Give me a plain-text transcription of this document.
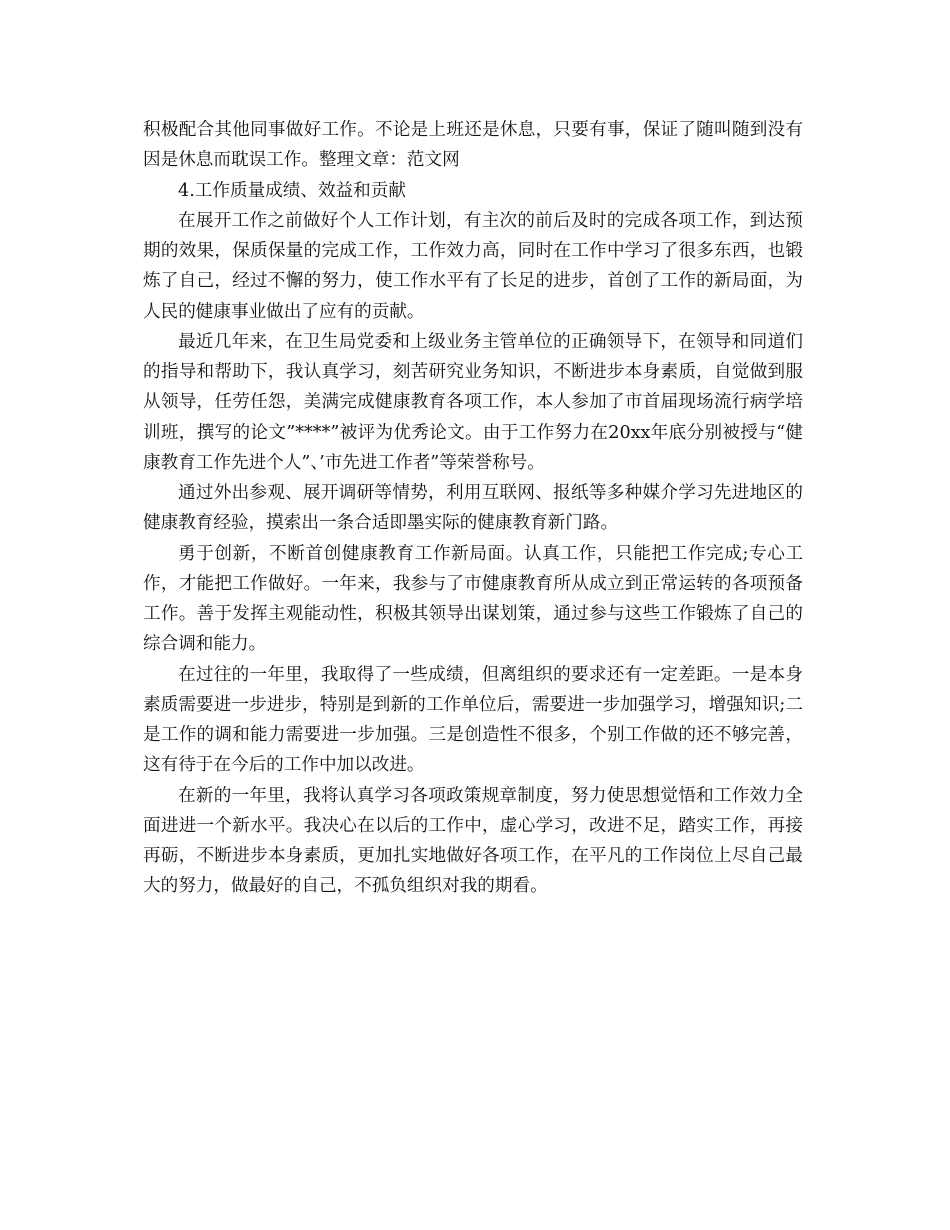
积极配合其他同事做好工作。不论是上班还是休息，只要有事，保证了随叫随到没有因是休息而耽误工作。整理文章：范文网

4.工作质量成绩、效益和贡献

在展开工作之前做好个人工作计划，有主次的前后及时的完成各项工作，到达预期的效果，保质保量的完成工作，工作效力高，同时在工作中学习了很多东西，也锻炼了自己，经过不懈的努力，使工作水平有了长足的进步，首创了工作的新局面，为人民的健康事业做出了应有的贡献。

最近几年来，在卫生局党委和上级业务主管单位的正确领导下，在领导和同道们的指导和帮助下，我认真学习，刻苦研究业务知识，不断进步本身素质，自觉做到服从领导，任劳任怨，美满完成健康教育各项工作，本人参加了市首届现场流行病学培训班，撰写的论文”****”被评为优秀论文。由于工作努力在20xx年底分别被授与“健康教育工作先进个人”、’市先进工作者”等荣誉称号。

通过外出参观、展开调研等情势，利用互联网、报纸等多种媒介学习先进地区的健康教育经验，摸索出一条合适即墨实际的健康教育新门路。

勇于创新，不断首创健康教育工作新局面。认真工作，只能把工作完成;专心工作，才能把工作做好。一年来，我参与了市健康教育所从成立到正常运转的各项预备工作。善于发挥主观能动性，积极其领导出谋划策，通过参与这些工作锻炼了自己的综合调和能力。

在过往的一年里，我取得了一些成绩，但离组织的要求还有一定差距。一是本身素质需要进一步进步，特别是到新的工作单位后，需要进一步加强学习，增强知识;二是工作的调和能力需要进一步加强。三是创造性不很多，个别工作做的还不够完善，这有待于在今后的工作中加以改进。

在新的一年里，我将认真学习各项政策规章制度，努力使思想觉悟和工作效力全面进进一个新水平。我决心在以后的工作中，虚心学习，改进不足，踏实工作，再接再砺，不断进步本身素质，更加扎实地做好各项工作，在平凡的工作岗位上尽自己最大的努力，做最好的自己，不孤负组织对我的期看。
